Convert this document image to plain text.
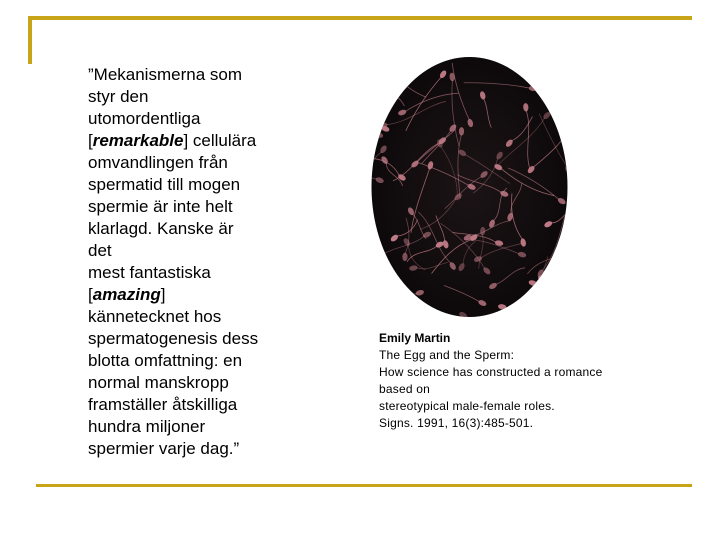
”Mekanismerna som
styr den
utomordentliga
[remarkable] cellulära
omvandlingen från
spermatid till mogen
spermie är inte helt
klarlagd. Kanske är
det
mest fantastiska
[amazing]
kännetecknet hos
spermatogenesis dess
blotta omfattning: en
normal manskropp
framställer åtskilliga
hundra miljoner
spermier varje dag.”
Emily Martin
The Egg and the Sperm:
How science has constructed a romance
based on
stereotypical male-female roles.
Signs. 1991, 16(3):485-501.
